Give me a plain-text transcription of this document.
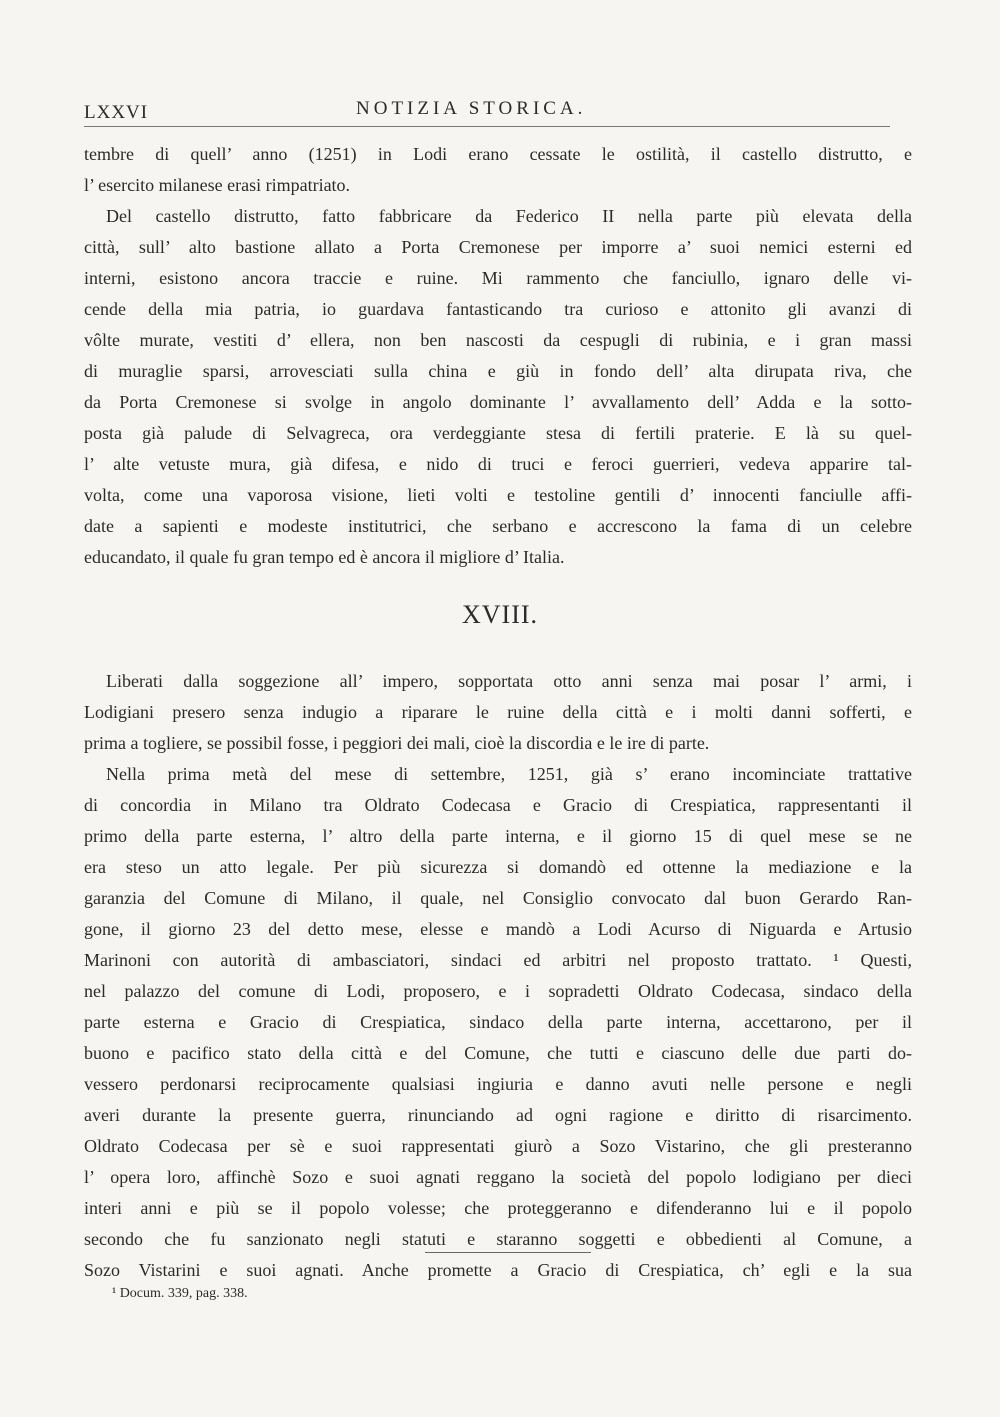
LXXVI	NOTIZIA STORICA.
tembre di quell’ anno (1251) in Lodi erano cessate le ostilità, il castello distrutto, e
l’ esercito milanese erasi rimpatriato.
Del castello distrutto, fatto fabbricare da Federico II nella parte più elevata della
città, sull’ alto bastione allato a Porta Cremonese per imporre a’ suoi nemici esterni ed
interni, esistono ancora traccie e ruine. Mi rammento che fanciullo, ignaro delle vi-
cende della mia patria, io guardava fantasticando tra curioso e attonito gli avanzi di
vôlte murate, vestiti d’ ellera, non ben nascosti da cespugli di rubinia, e i gran massi
di muraglie sparsi, arrovesciati sulla china e giù in fondo dell’ alta dirupata riva, che
da Porta Cremonese si svolge in angolo dominante l’ avvallamento dell’ Adda e la sotto-
posta già palude di Selvagreca, ora verdeggiante stesa di fertili praterie. E là su quel-
l’ alte vetuste mura, già difesa, e nido di truci e feroci guerrieri, vedeva apparire tal-
volta, come una vaporosa visione, lieti volti e testoline gentili d’ innocenti fanciulle affi-
date a sapienti e modeste institutrici, che serbano e accrescono la fama di un celebre
educandato, il quale fu gran tempo ed è ancora il migliore d’ Italia.
XVIII.
Liberati dalla soggezione all’ impero, sopportata otto anni senza mai posar l’ armi, i
Lodigiani presero senza indugio a riparare le ruine della città e i molti danni sofferti, e
prima a togliere, se possibil fosse, i peggiori dei mali, cioè la discordia e le ire di parte.
Nella prima metà del mese di settembre, 1251, già s’ erano incominciate trattative
di concordia in Milano tra Oldrato Codecasa e Gracio di Crespiatica, rappresentanti il
primo della parte esterna, l’ altro della parte interna, e il giorno 15 di quel mese se ne
era steso un atto legale. Per più sicurezza si domandò ed ottenne la mediazione e la
garanzia del Comune di Milano, il quale, nel Consiglio convocato dal buon Gerardo Ran-
gone, il giorno 23 del detto mese, elesse e mandò a Lodi Acurso di Niguarda e Artusio
Marinoni con autorità di ambasciatori, sindaci ed arbitri nel proposto trattato. ¹ Questi,
nel palazzo del comune di Lodi, proposero, e i sopradetti Oldrato Codecasa, sindaco della
parte esterna e Gracio di Crespiatica, sindaco della parte interna, accettarono, per il
buono e pacifico stato della città e del Comune, che tutti e ciascuno delle due parti do-
vessero perdonarsi reciprocamente qualsiasi ingiuria e danno avuti nelle persone e negli
averi durante la presente guerra, rinunciando ad ogni ragione e diritto di risarcimento.
Oldrato Codecasa per sè e suoi rappresentati giurò a Sozo Vistarino, che gli presteranno
l’ opera loro, affinchè Sozo e suoi agnati reggano la società del popolo lodigiano per dieci
interi anni e più se il popolo volesse; che proteggeranno e difenderanno lui e il popolo
secondo che fu sanzionato negli statuti e staranno soggetti e obbedienti al Comune, a
Sozo Vistarini e suoi agnati. Anche promette a Gracio di Crespiatica, ch’ egli e la sua
¹ Docum. 339, pag. 338.
